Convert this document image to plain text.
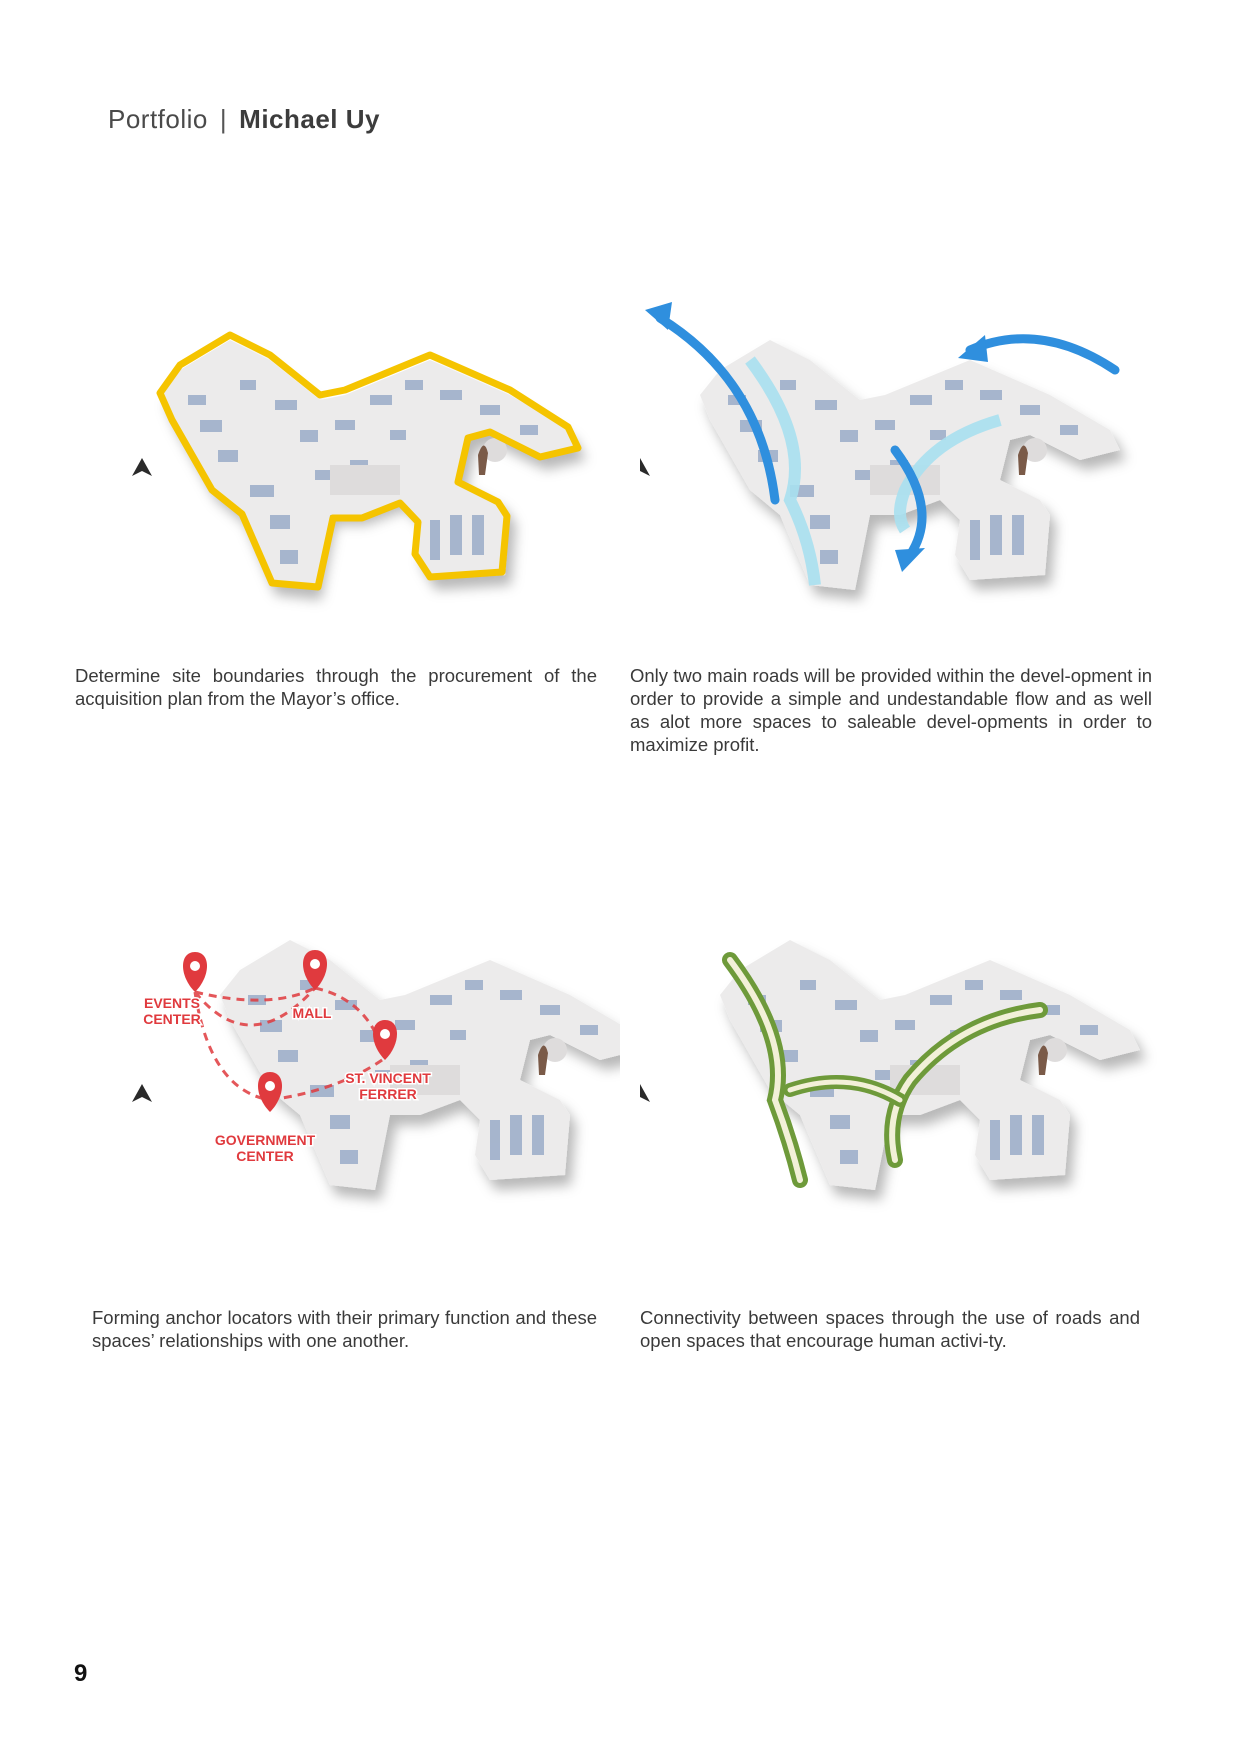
Portfolio | Michael Uy
EVENTS
CENTER	MALL
ST. VINCENT
FERRER
GOVERNMENT
CENTER
Determine site boundaries through the procurement of the acquisition plan from the Mayor’s office.
Only two main roads will be provided within the devel-opment in order to provide a simple and undestandable flow and as well as alot more spaces to saleable devel-opments in order to maximize profit.
Forming anchor locators with their primary function and these spaces’ relationships with one another.
Connectivity between spaces through the use of roads and open spaces that encourage human activi-ty.
9
